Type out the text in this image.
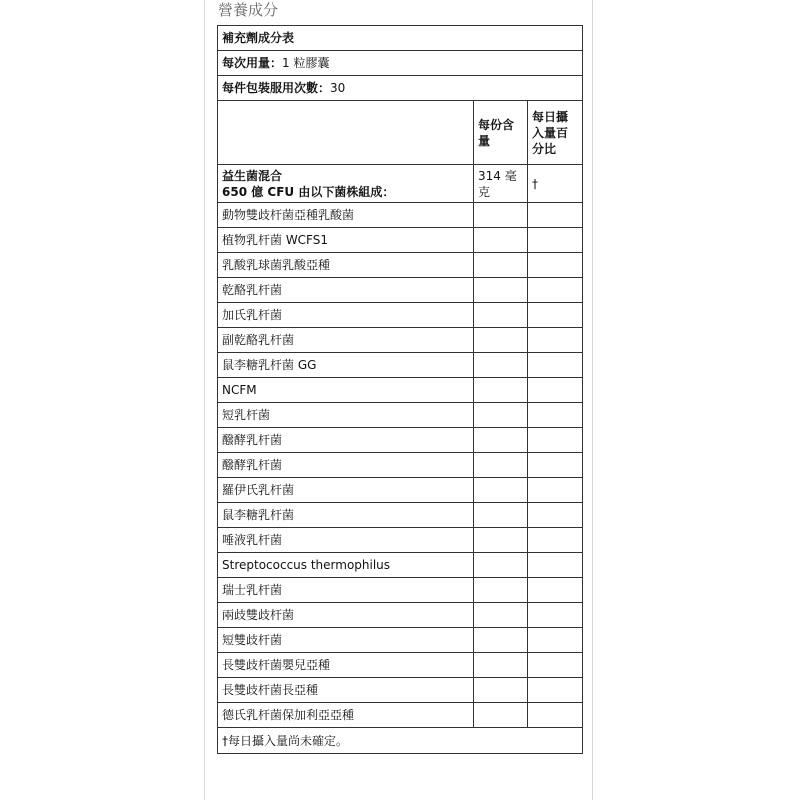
營養成分
補充劑成分表		
每次用量：1 粒膠囊		
每件包裝服用次數：30		
	每份含量	每日攝入量百分比

益生菌混合
650 億 CFU 由以下菌株組成：	314 毫克	†
動物雙歧杆菌亞種乳酸菌		
植物乳杆菌 WCFS1		
乳酸乳球菌乳酸亞種		
乾酪乳杆菌		
加氏乳杆菌		
副乾酪乳杆菌		
鼠李糖乳杆菌 GG		
NCFM		
短乳杆菌		
醱酵乳杆菌		
醱酵乳杆菌		
羅伊氏乳杆菌		
鼠李糖乳杆菌		
唾液乳杆菌		
Streptococcus thermophilus		
瑞士乳杆菌		
兩歧雙歧杆菌		
短雙歧杆菌		
長雙歧杆菌嬰兒亞種		
長雙歧杆菌長亞種		
德氏乳杆菌保加利亞亞種		
†每日攝入量尚未確定。		
